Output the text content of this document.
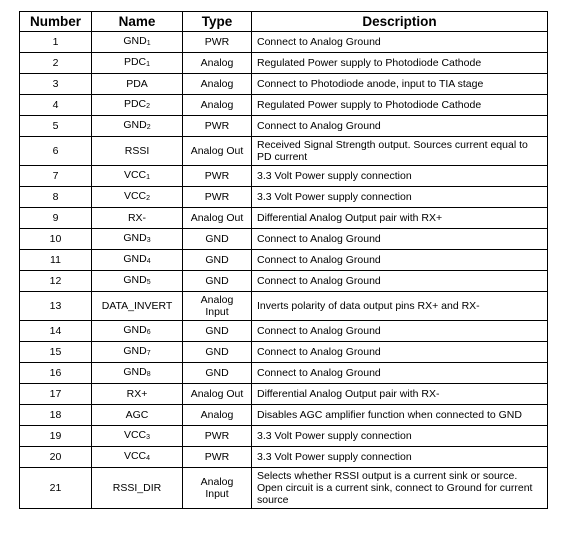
Number	Name	Type	Description
1	$GND_1$	PWR	Connect to Analog Ground
2	$PDC_1$	Analog	Regulated Power supply to Photodiode Cathode
3	PDA	Analog	Connect to Photodiode anode, input to TIA stage
4	$PDC_2$	Analog	Regulated Power supply to Photodiode Cathode
5	$GND_2$	PWR	Connect to Analog Ground
6	RSSI	Analog Out	Received Signal Strength output. Sources current equal to PD current
7	$VCC_1$	PWR	3.3 Volt Power supply connection
8	$VCC_2$	PWR	3.3 Volt Power supply connection
9	RX-	Analog Out	Differential Analog Output pair with RX+
10	$GND_3$	GND	Connect to Analog Ground
11	$GND_4$	GND	Connect to Analog Ground
12	$GND_5$	GND	Connect to Analog Ground
13	DATA_INVERT	Analog Input	Inverts polarity of data output pins RX+ and RX-
14	$GND_6$	GND	Connect to Analog Ground
15	$GND_7$	GND	Connect to Analog Ground
16	$GND_8$	GND	Connect to Analog Ground
17	RX+	Analog Out	Differential Analog Output pair with RX-
18	AGC	Analog	Disables AGC amplifier function when connected to GND
19	$VCC_3$	PWR	3.3 Volt Power supply connection
20	$VCC_4$	PWR	3.3 Volt Power supply connection
21	RSSI_DIR	Analog Input	Selects whether RSSI output is a current sink or source. Open circuit is a current sink, connect to Ground for current source
